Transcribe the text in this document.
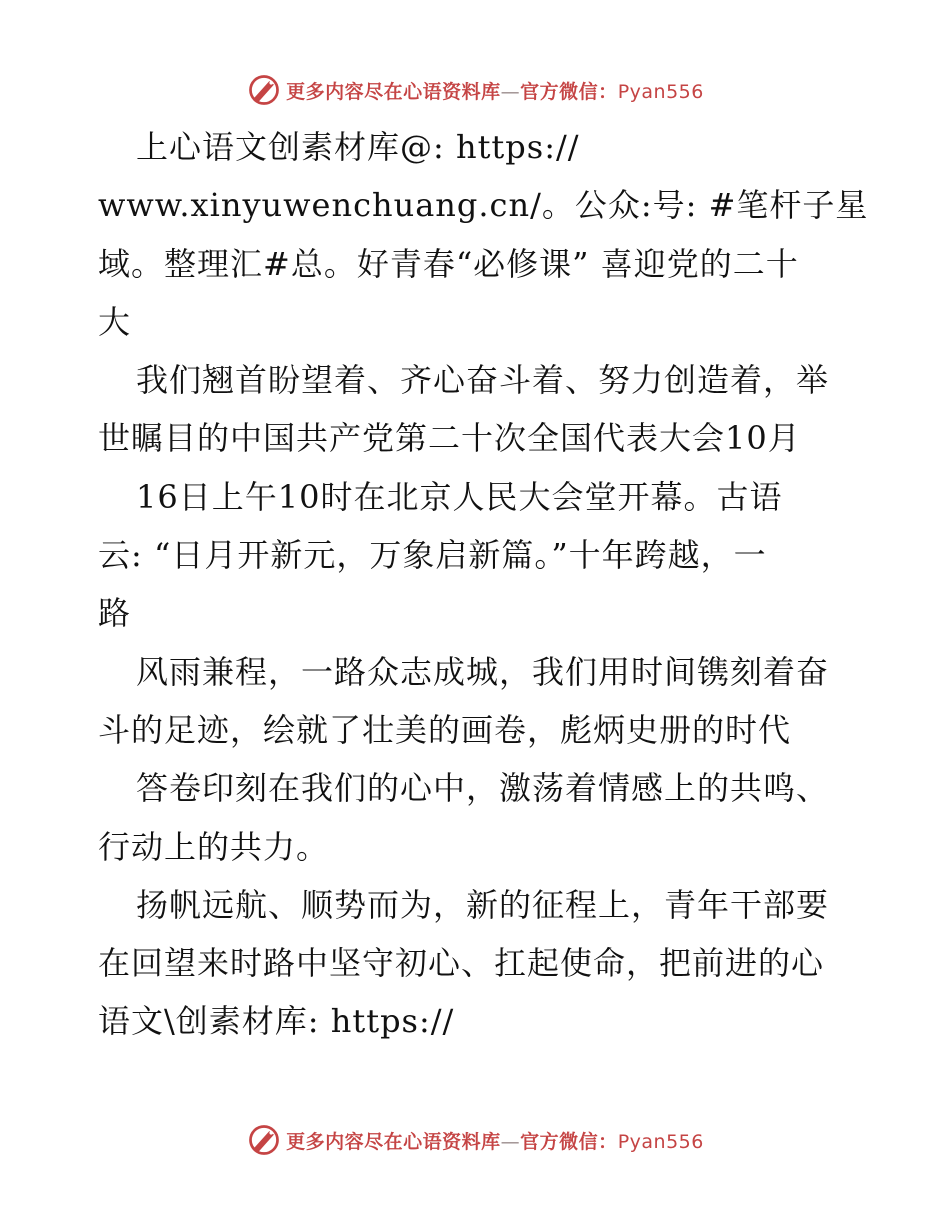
更多内容尽在心语资料库—官方微信：Pyan556
上心语文创素材库@: https://
www.xinyuwenchuang.cn/。公众:号: #笔杆子星
域。整理汇#总。好青春“必修课” 喜迎党的二十
大
我们翘首盼望着、齐心奋斗着、努力创造着，举
世瞩目的中国共产党第二十次全国代表大会10月
16日上午10时在北京人民大会堂开幕。古语
云: “日月开新元，万象启新篇。”十年跨越，一
路
风雨兼程，一路众志成城，我们用时间镌刻着奋
斗的足迹，绘就了壮美的画卷，彪炳史册的时代
答卷印刻在我们的心中，激荡着情感上的共鸣、
行动上的共力。
扬帆远航、顺势而为，新的征程上，青年干部要
在回望来时路中坚守初心、扛起使命，把前进的心
语文\创素材库: https://
更多内容尽在心语资料库—官方微信：Pyan556
